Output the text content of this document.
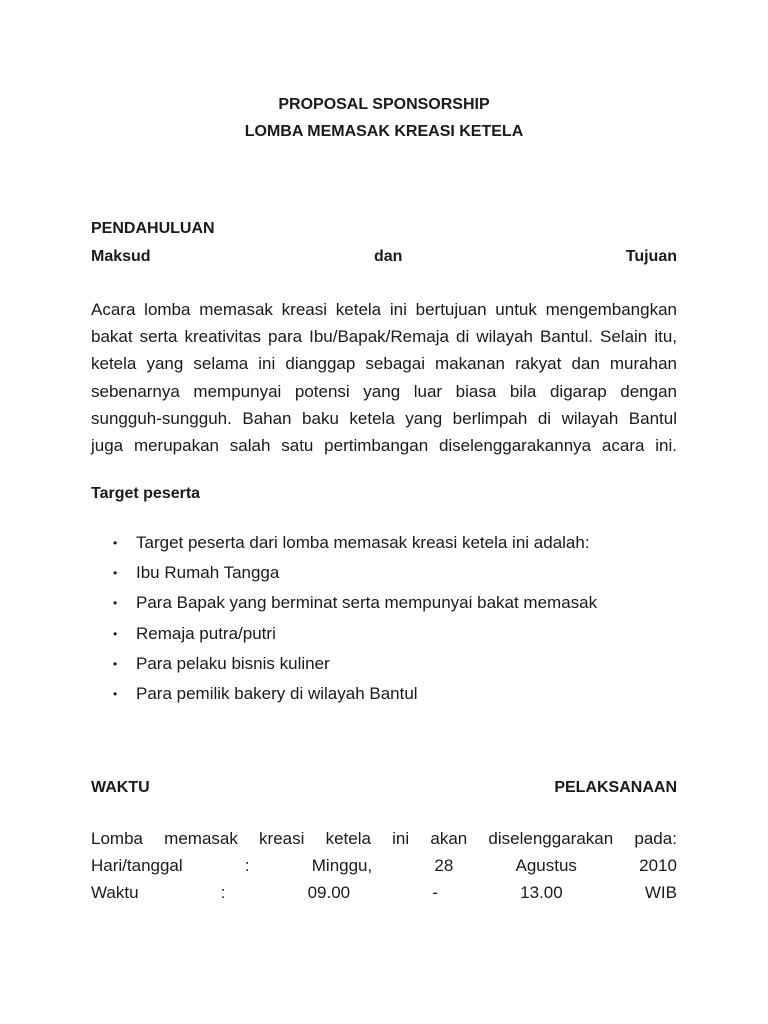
PROPOSAL SPONSORSHIP
LOMBA MEMASAK KREASI KETELA
PENDAHULUAN
Maksud	dan	Tujuan
Acara lomba memasak kreasi ketela ini bertujuan untuk mengembangkan
bakat serta kreativitas para Ibu/Bapak/Remaja di wilayah Bantul. Selain itu,
ketela yang selama ini dianggap sebagai makanan rakyat dan murahan
sebenarnya mempunyai potensi yang luar biasa bila digarap dengan
sungguh-sungguh. Bahan baku ketela yang berlimpah di wilayah Bantul
juga merupakan salah satu pertimbangan diselenggarakannya acara ini.
Target peserta
• Target peserta dari lomba memasak kreasi ketela ini adalah:
• Ibu Rumah Tangga
• Para Bapak yang berminat serta mempunyai bakat memasak
• Remaja putra/putri
• Para pelaku bisnis kuliner
• Para pemilik bakery di wilayah Bantul
WAKTU	PELAKSANAAN
Lomba memasak kreasi ketela ini akan diselenggarakan pada:
Hari/tanggal	:	Minggu,	28	Agustus	2010
Waktu	:	09.00	-	13.00	WIB
